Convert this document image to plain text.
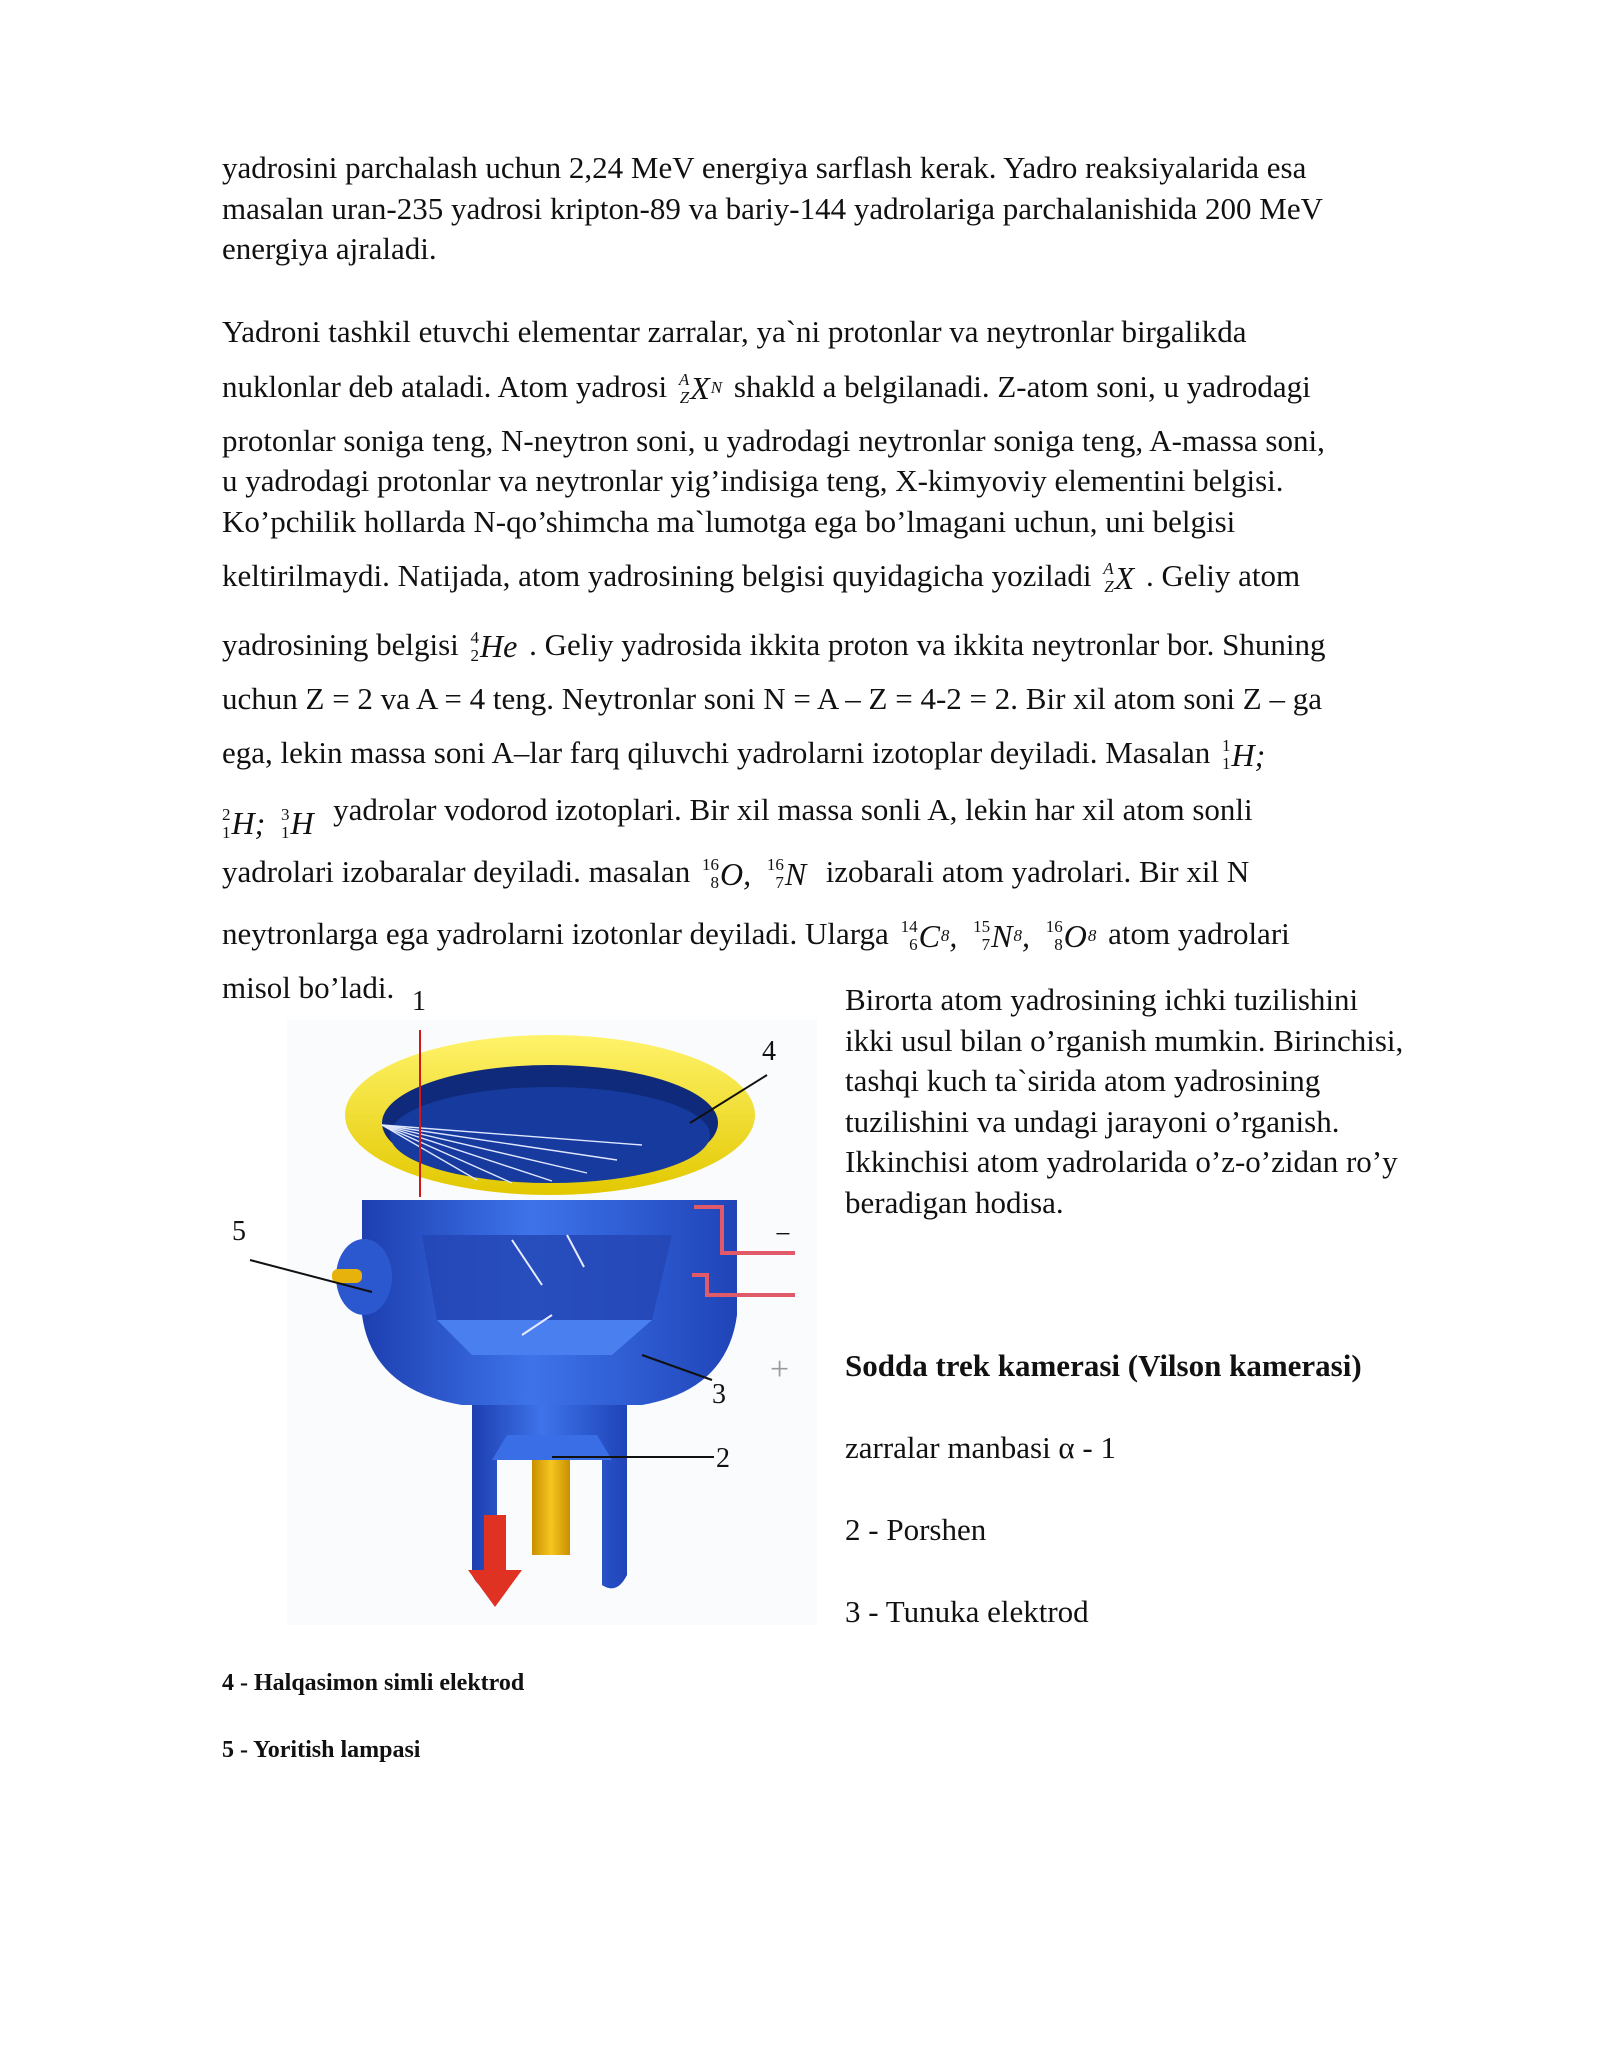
yadrosini parchalash uchun 2,24 MeV energiya sarflash kerak. Yadro reaksiyalarida esa
masalan uran-235 yadrosi kripton-89 va bariy-144 yadrolariga parchalanishida 200 MeV
energiya ajraladi.

Yadroni tashkil etuvchi elementar zarralar, ya`ni protonlar va neytronlar birgalikda
nuklonlar deb ataladi. Atom yadrosi A
Z X N shakld a belgilanadi. Z-atom soni, u yadrodagi
protonlar soniga teng, N-neytron soni, u yadrodagi neytronlar soniga teng, A-massa soni,
u yadrodagi protonlar va neytronlar yig’indisiga teng, X-kimyoviy elementini belgisi.
Ko’pchilik hollarda N-qo’shimcha ma`lumotga ega bo’lmagani uchun, uni belgisi
keltirilmaydi. Natijada, atom yadrosining belgisi quyidagicha yoziladi A
Z X . Geliy atom
yadrosining belgisi 4
2 He . Geliy yadrosida ikkita proton va ikkita neytronlar bor. Shuning
uchun Z = 2 va A = 4 teng. Neytronlar soni N = A – Z = 4-2 = 2. Bir xil atom soni Z – ga
ega, lekin massa soni A–lar farq qiluvchi yadrolarni izotoplar deyiladi. Masalan 1
1 H ;
2
1 H ;
3
1 H yadrolar vodorod izotoplari. Bir xil massa sonli A, lekin har xil atom sonli
yadrolari izobaralar deyiladi. masalan 16
8 O ,
16
7 N izobarali atom yadrolari. Bir xil N
neytronlarga ega yadrolarni izotonlar deyiladi. Ularga 14
6 C 8 ,
15
7 N 8 ,
16
8 O 8 atom yadrolari
misol bo’ladi.

−
+
1
4
5
3
2
Birorta atom yadrosining ichki tuzilishini
ikki usul bilan o’rganish mumkin. Birinchisi,
tashqi kuch ta`sirida atom yadrosining
tuzilishini va undagi jarayoni o’rganish.
Ikkinchisi atom yadrolarida o’z-o’zidan ro’y
beradigan hodisa.
Sodda trek kamerasi (Vilson kamerasi)
zarralar manbasi α - 1
2 - Porshen
3 - Tunuka elektrod
4 - Halqasimon simli elektrod
5 - Yoritish lampasi
